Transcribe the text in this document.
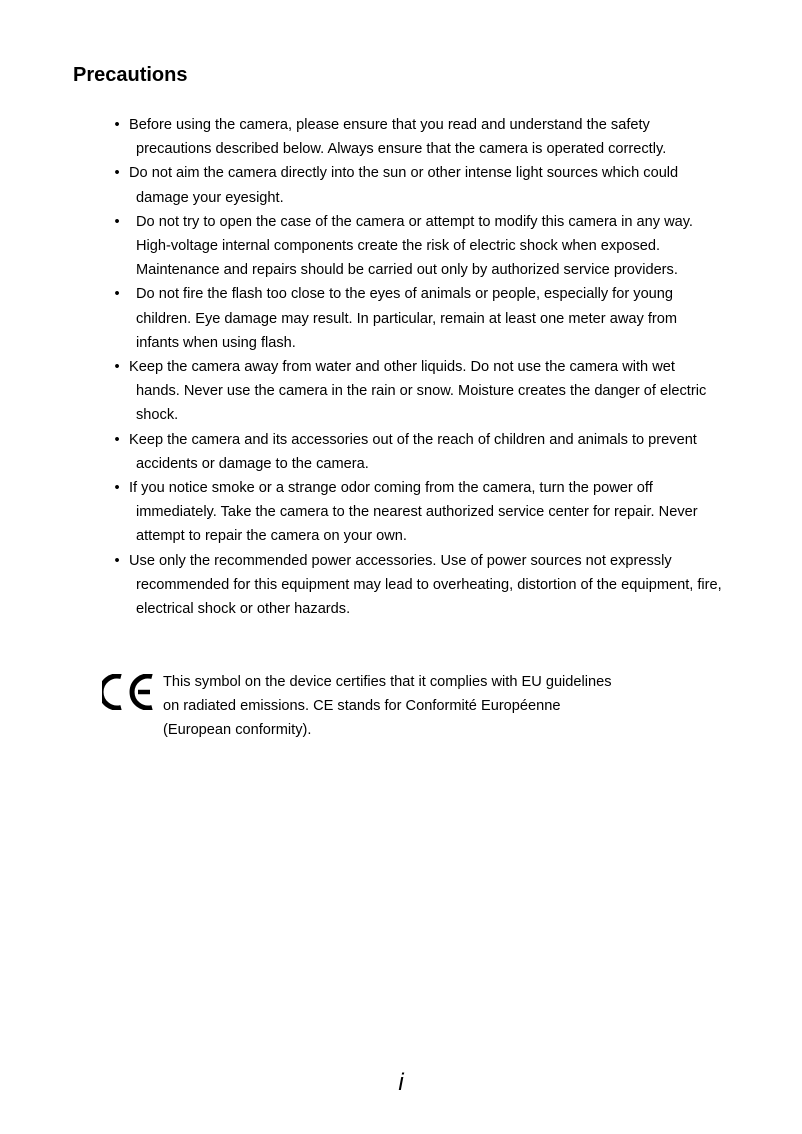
Precautions
• Before using the camera, please ensure that you read and understand the safety precautions described below. Always ensure that the camera is operated correctly.
• Do not aim the camera directly into the sun or other intense light sources which could damage your eyesight.
• Do not try to open the case of the camera or attempt to modify this camera in any way. High-voltage internal components create the risk of electric shock when exposed. Maintenance and repairs should be carried out only by authorized service providers.
• Do not fire the flash too close to the eyes of animals or people, especially for young children. Eye damage may result. In particular, remain at least one meter away from infants when using flash.
• Keep the camera away from water and other liquids. Do not use the camera with wet hands. Never use the camera in the rain or snow. Moisture creates the danger of electric shock.
• Keep the camera and its accessories out of the reach of children and animals to prevent accidents or damage to the camera.
• If you notice smoke or a strange odor coming from the camera, turn the power off immediately. Take the camera to the nearest authorized service center for repair. Never attempt to repair the camera on your own.
• Use only the recommended power accessories. Use of power sources not expressly recommended for this equipment may lead to overheating, distortion of the equipment, fire, electrical shock or other hazards.

This symbol on the device certifies that it complies with EU guidelines
on radiated emissions. CE stands for Conformité Européenne
(European conformity).

i
